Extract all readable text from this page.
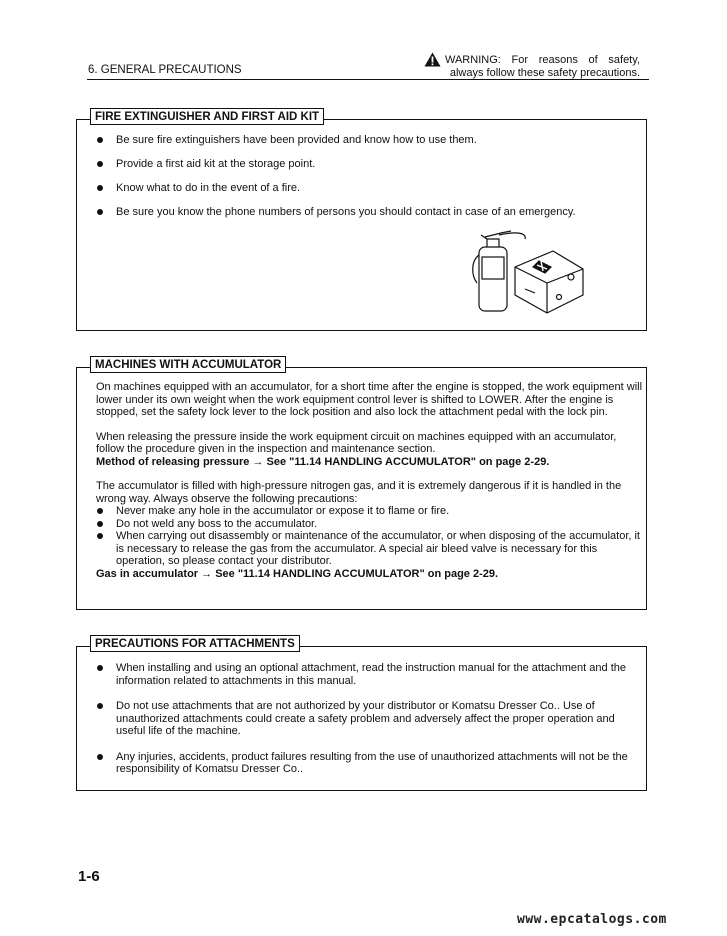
6. GENERAL PRECAUTIONS
WARNING: For reasons of safety,
always follow these safety precautions.
FIRE EXTINGUISHER AND FIRST AID KIT
Be sure fire extinguishers have been provided and know how to use them.
Provide a first aid kit at the storage point.
Know what to do in the event of a fire.
Be sure you know the phone numbers of persons you should contact in case of an emergency.
MACHINES WITH ACCUMULATOR

On machines equipped with an accumulator, for a short time after the engine is stopped, the work equipment will lower under its own weight when the work equipment control lever is shifted to LOWER. After the engine is stopped, set the safety lock lever to the lock position and also lock the attachment pedal with the lock pin.

When releasing the pressure inside the work equipment circuit on machines equipped with an accumulator, follow the procedure given in the inspection and maintenance section.

Method of releasing pressure → See "11.14 HANDLING ACCUMULATOR" on page 2-29.

The accumulator is filled with high-pressure nitrogen gas, and it is extremely dangerous if it is handled in the wrong way. Always observe the following precautions:

Never make any hole in the accumulator or expose it to flame or fire.
Do not weld any boss to the accumulator.
When carrying out disassembly or maintenance of the accumulator, or when disposing of the accumulator, it is necessary to release the gas from the accumulator. A special air bleed valve is necessary for this operation, so please contact your distributor.

Gas in accumulator → See "11.14 HANDLING ACCUMULATOR" on page 2-29.

PRECAUTIONS FOR ATTACHMENTS
When installing and using an optional attachment, read the instruction manual for the attachment and the information related to attachments in this manual.
Do not use attachments that are not authorized by your distributor or Komatsu Dresser Co.. Use of unauthorized attachments could create a safety problem and adversely affect the proper operation and useful life of the machine.
Any injuries, accidents, product failures resulting from the use of unauthorized attachments will not be the responsibility of Komatsu Dresser Co..
1-6
www.epcatalogs.com
